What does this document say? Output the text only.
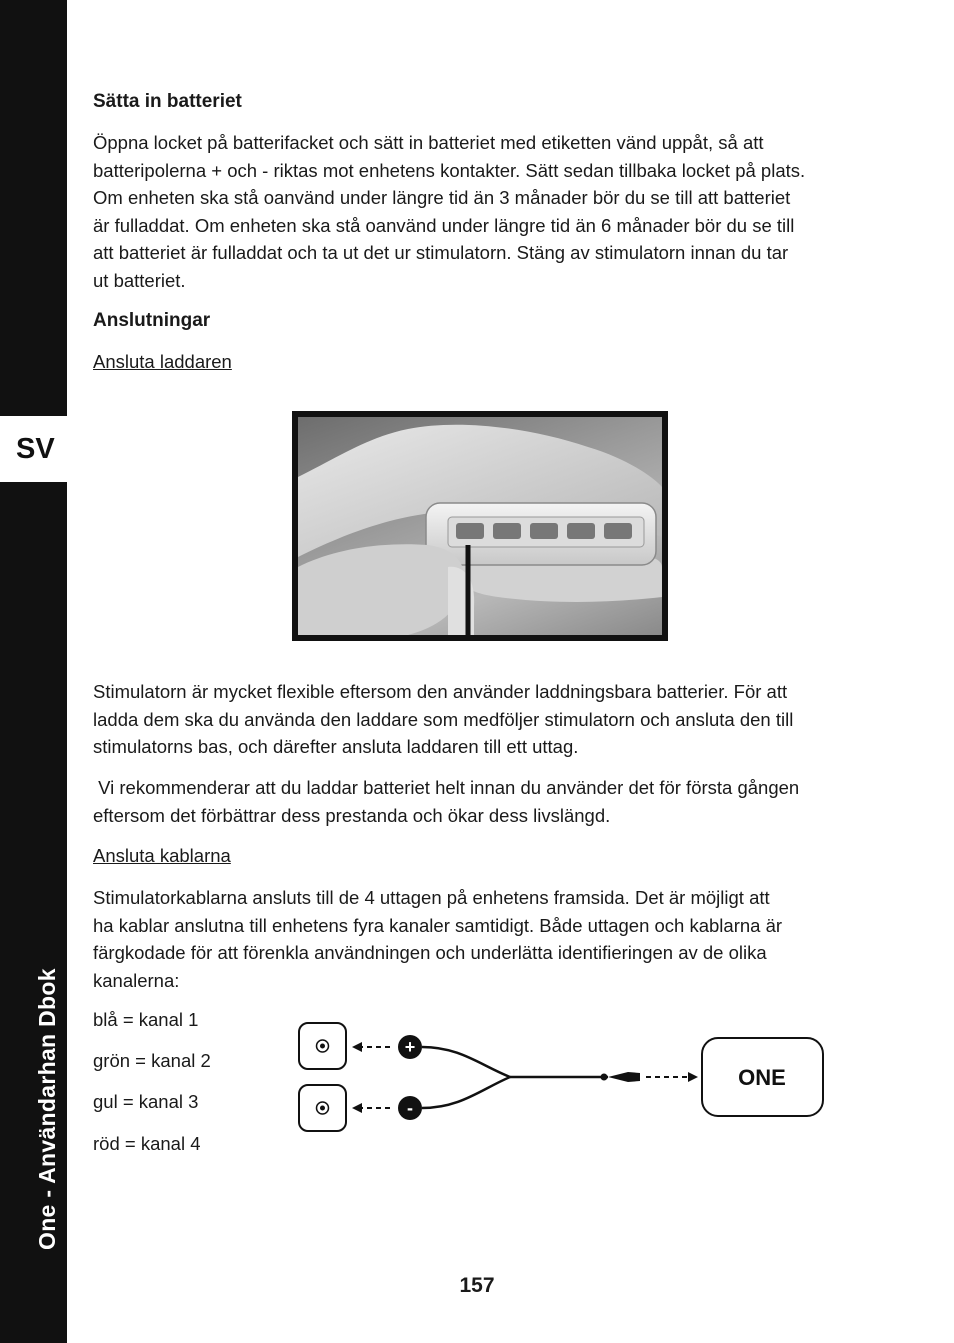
SV
One - Användarhan Dbok
Sätta in batteriet
Öppna locket på batterifacket och sätt in batteriet med etiketten vänd uppåt, så att
batteripolerna + och - riktas mot enhetens kontakter. Sätt sedan tillbaka locket på plats.
Om enheten ska stå oanvänd under längre tid än 3 månader bör du se till att batteriet
är fulladdat. Om enheten ska stå oanvänd under längre tid än 6 månader bör du se till
att batteriet är fulladdat och ta ut det ur stimulatorn. Stäng av stimulatorn innan du tar
ut batteriet.
Anslutningar
Ansluta laddaren
Stimulatorn är mycket flexible eftersom den använder laddningsbara batterier. För att
ladda dem ska du använda den laddare som medföljer stimulatorn och ansluta den till
stimulatorns bas, och därefter ansluta laddaren till ett uttag.
Vi rekommenderar att du laddar batteriet helt innan du använder det för första gången
eftersom det förbättrar dess prestanda och ökar dess livslängd.
Ansluta kablarna
Stimulatorkablarna ansluts till de 4 uttagen på enhetens framsida. Det är möjligt att
ha kablar anslutna till enhetens fyra kanaler samtidigt. Både uttagen och kablarna är
färgkodade för att förenkla användningen och underlätta identifieringen av de olika
kanalerna:
blå = kanal 1
grön = kanal 2
gul = kanal 3
röd = kanal 4
+
-
ONE
157
